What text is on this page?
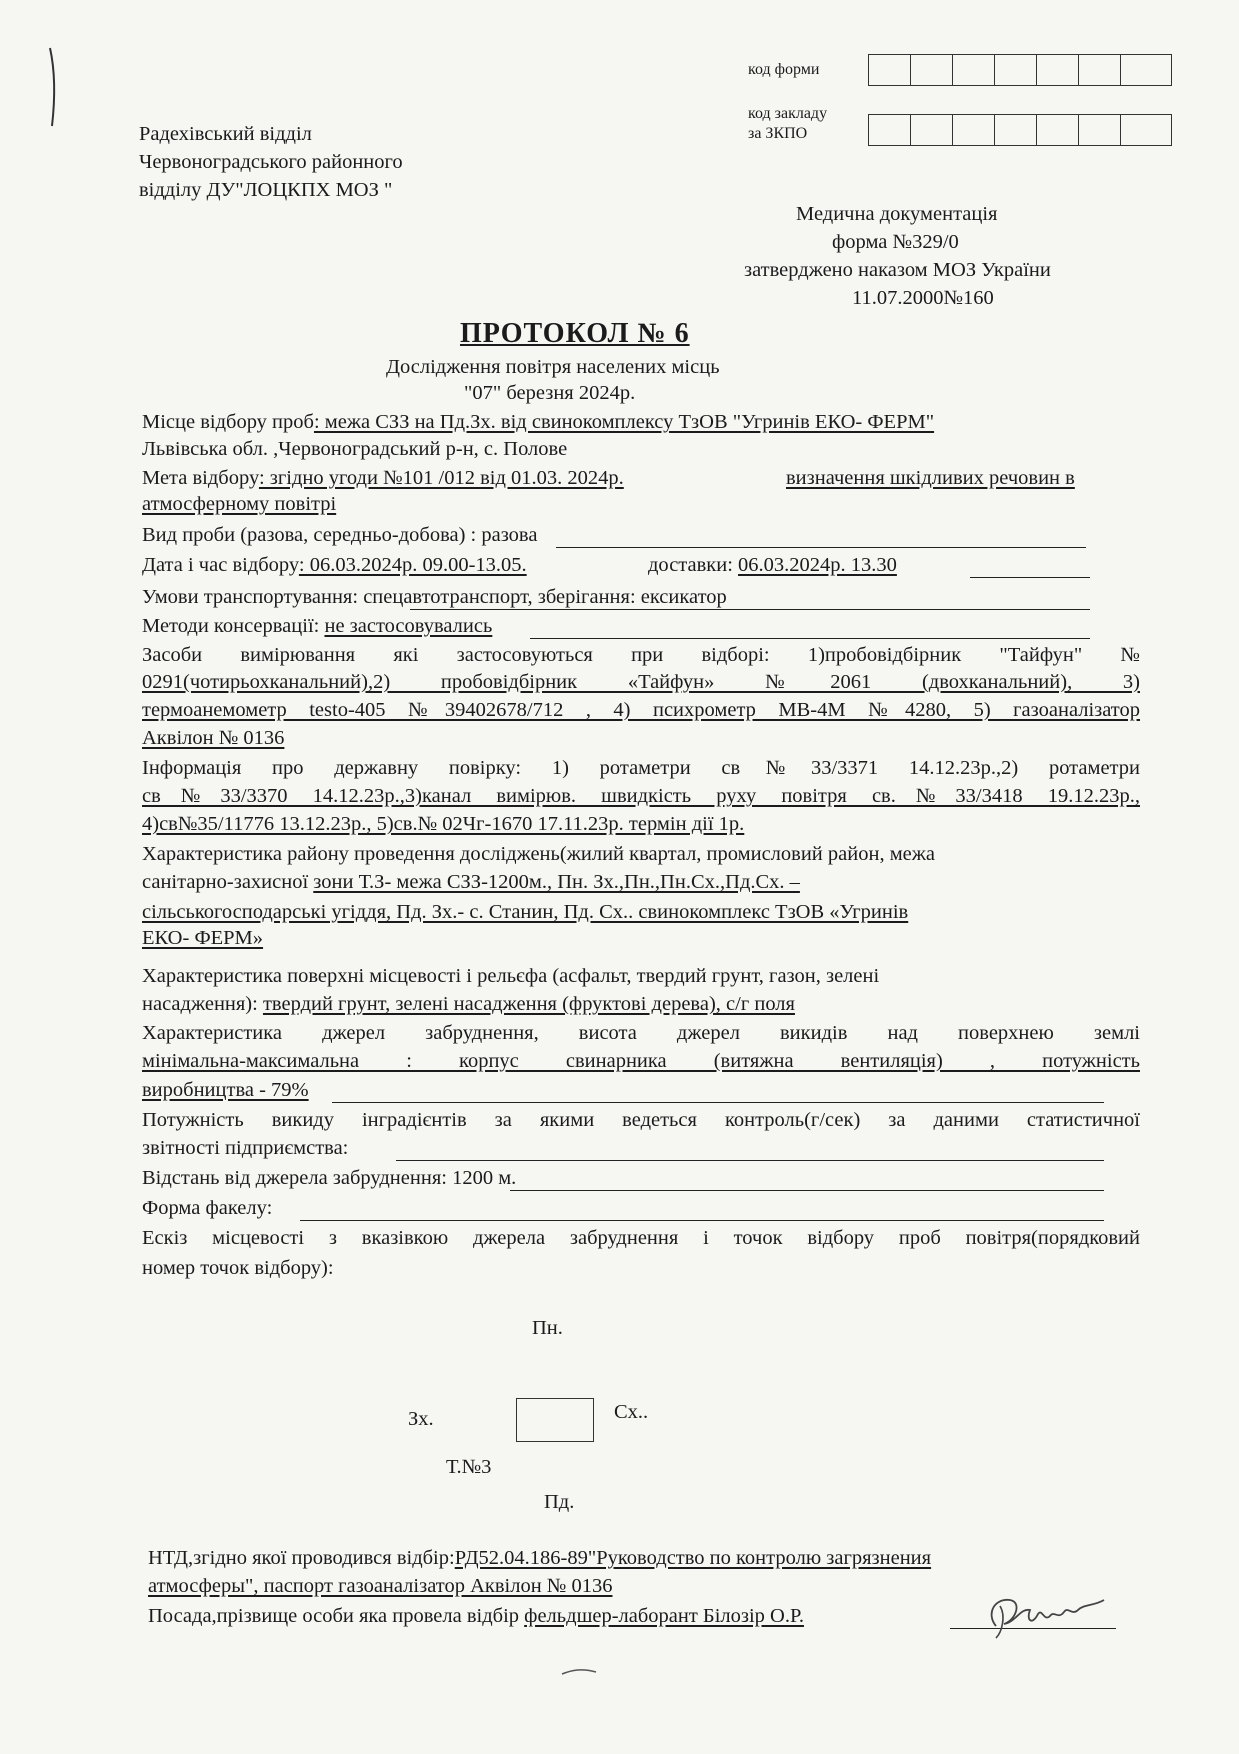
код форми
код закладу
за ЗКПО
Радехівський відділ
Червоноградського районного
відділу ДУ"ЛОЦКПХ МОЗ "
Медична документація
форма №329/0
затверджено наказом МОЗ України
11.07.2000№160
ПРОТОКОЛ № 6
Дослідження повітря населених місць
"07" березня 2024р.
Місце відбору проб: межа СЗЗ на Пд.Зх. від свинокомплексу ТзОВ "Угринів ЕКО- ФЕРМ"
Львівська обл. ,Червоноградський р-н, с. Полове
Мета відбору: згідно угоди №101 /012 від 01.03. 2024р.	визначення шкідливих речовин в
атмосферному повітрі
Вид проби (разова, середньо-добова) : разова
Дата і час відбору: 06.03.2024р. 09.00-13.05.	доставки: 06.03.2024р. 13.30
Умови транспортування: спецавтотранспорт, зберігання: ексикатор
Методи консервації: не застосовувались
Засоби вимірювання які застосовуються при відборі: 1)пробовідбірник "Тайфун" №
0291(чотирьохканальний),2) пробовідбірник «Тайфун» №2061 (двохканальний), 3)
термоанемометр testo-405 №39402678/712 , 4) психрометр МВ-4М №4280, 5) газоаналізатор
Аквілон № 0136
Інформація про державну повірку: 1) ротаметри св№33/3371 14.12.23р.,2) ротаметри
св№33/3370 14.12.23р.,3)канал вимірюв. швидкість руху повітря св.№33/3418 19.12.23р.,
4)св№35/11776 13.12.23р., 5)св.№ 02Чг-1670 17.11.23р. термін дії 1р.
Характеристика району проведення досліджень(жилий квартал, промисловий район, межа
санітарно-захисної зони Т.З- межа СЗЗ-1200м., Пн. Зх.,Пн.,Пн.Сх.,Пд.Сх. –
сільськогосподарські угіддя, Пд. Зх.- с. Станин, Пд. Сх.. свинокомплекс ТзОВ «Угринів
ЕКО- ФЕРМ»
Характеристика поверхні місцевості і рельєфа (асфальт, твердий грунт, газон, зелені
насадження): твердий грунт, зелені насадження (фруктові дерева), с/г поля
Характеристика джерел забруднення, висота джерел викидів над поверхнею землі
мінімальна-максимальна : корпус свинарника (витяжна вентиляція) , потужність
виробництва - 79%
Потужність викиду інградієнтів за якими ведеться контроль(г/сек) за даними статистичної
звітності підприємства:
Відстань від джерела забруднення: 1200 м.
Форма факелу:
Ескіз місцевості з вказівкою джерела забруднення і точок відбору проб повітря(порядковий
номер точок відбору):
Пн.
Зх.	Сх..
Т.№3
Пд.
НТД,згідно якої проводився відбір:РД52.04.186-89"Руководство по контролю загрязнения
атмосферы", паспорт газоаналізатор Аквілон № 0136
Посада,прізвище особи яка провела відбір фельдшер-лаборант Білозір О.Р.
